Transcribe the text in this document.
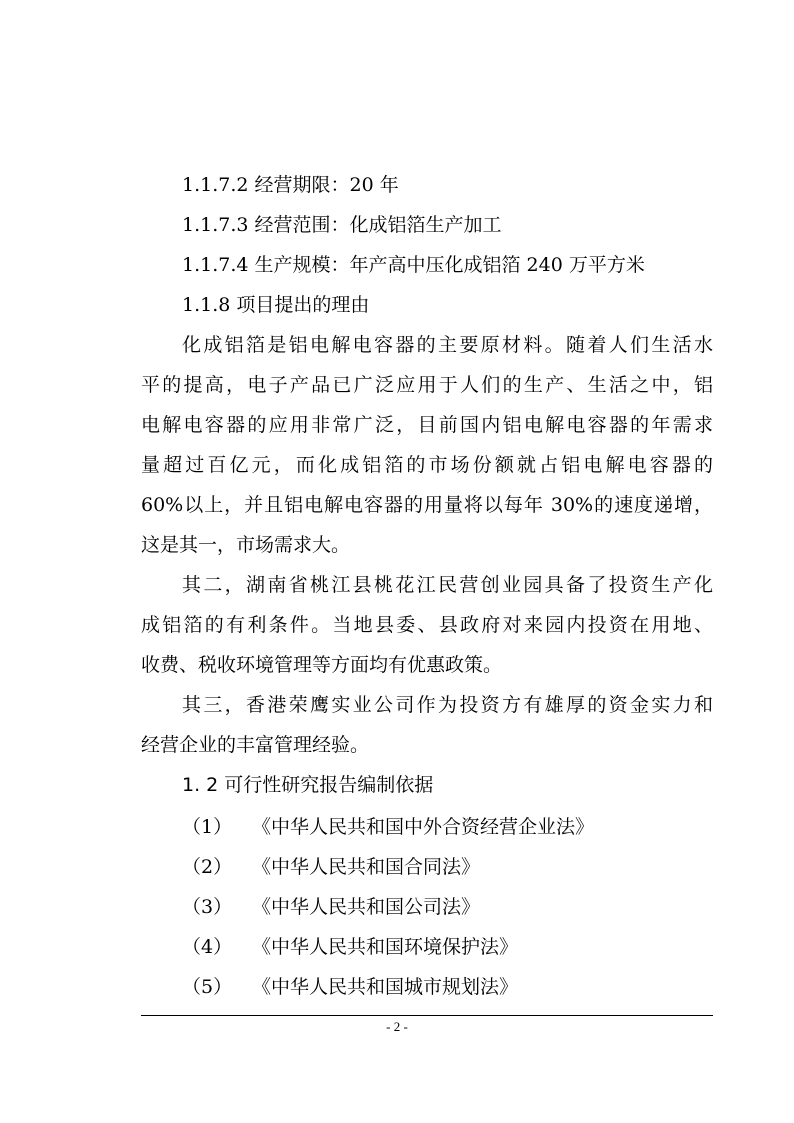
1.1.7.2 经营期限：20 年
1.1.7.3 经营范围：化成铝箔生产加工
1.1.7.4 生产规模：年产高中压化成铝箔 240 万平方米
1.1.8 项目提出的理由
化成铝箔是铝电解电容器的主要原材料。随着人们生活水
平的提高，电子产品已广泛应用于人们的生产、生活之中，铝
电解电容器的应用非常广泛，目前国内铝电解电容器的年需求
量超过百亿元，而化成铝箔的市场份额就占铝电解电容器的
60%以上，并且铝电解电容器的用量将以每年 30%的速度递增，
这是其一，市场需求大。
其二，湖南省桃江县桃花江民营创业园具备了投资生产化
成铝箔的有利条件。当地县委、县政府对来园内投资在用地、
收费、税收环境管理等方面均有优惠政策。
其三，香港荣鹰实业公司作为投资方有雄厚的资金实力和
经营企业的丰富管理经验。
1. 2 可行性研究报告编制依据
（1） 《中华人民共和国中外合资经营企业法》
（2） 《中华人民共和国合同法》
（3） 《中华人民共和国公司法》
（4） 《中华人民共和国环境保护法》
（5） 《中华人民共和国城市规划法》
- 2 -
